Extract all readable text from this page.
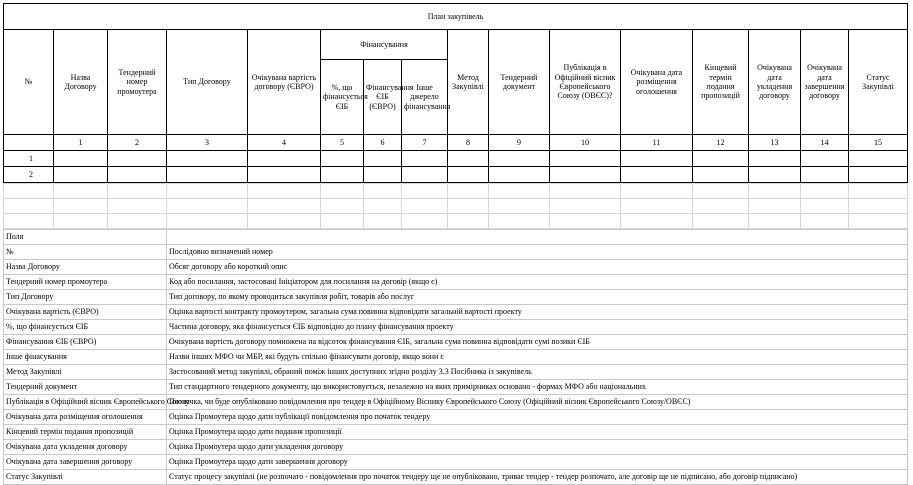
План закупівель															
№	Назва Договору	Тендерний номер промоутера	Тип Договору	Очікувана вартість договору (ЄВРО)	Фінансування			Метод Закупівлі	Тендерний документ	Публікація в Офіційний вісник Європейського Союзу (ОВЄС)?	Очікувана дата розміщення оголошення	Кінцевий термін подання пропозицій	Очікувана дата укладення договору	Очікувана дата завершення договору	Статус Закупівлі
					%, що фінансується ЄІБ	Фінансування ЄІБ (ЄВРО)	Інше джерело фінансування								
	1	2	3	4	5	6	7	8	9	10	11	12	13	14	15
1															
2															

Поля	
№	Послідовно визначений номер
Назва Договору	Обсяг договору або короткий опис
Тендерний номер промоутера	Код або посилання, застосовані Ініціатором для посилання на договір (якщо є)
Тип Договору	Тип договору, по якому проводиться закупівля робіт, товарів або послуг
Очікувана вартість (ЄВРО)	Оцінка вартості контракту промоутером, загальна сума повинна відповідати загальній вартості проекту
%, що фінансується ЄІБ	Частина договору, яка фінансується ЄІБ відповідно до плану фінансування проекту
Фінансування ЄІБ (ЄВРО)	Очікувана вартість договору помножена на відсоток фінансування ЄІБ, загальна сума повинна відповідати сумі позики ЄІБ
Інше фінасування	Назви інших МФО чи МБР, які будуть спільно фінансувати договір, якщо вони є
Метод Закупівлі	Застосований метод закупівлі, обраний поміж інших доступних згідно розділу 3.3 Посібника із закупівель
Тендерний документ	Тип стандартного тендерного документу, що використовується, незалежно на яких примірниках основано - формах МФО або національних
Публікація в Офіційний вісник Європейського Союзу	Позначка, чи буде опубліковано повідомлення про тендер в Офіційному Віснику Європейського Союзу (Офіційний вісник Європейського Союзу/ОВЄС)
Очікувана дата розміщення оголошення	Оцінка Промоутера щодо дати публікації повідомлення про початок тендеру
Кінцевий термін подання пропозицій	Оцінка Промоутера щодо дати подання пропозиції
Очікувана дата укладення договору	Оцінка Промоутера щодо дати укладення договору
Очікувана дата завершення договору	Оцінка Промоутера щодо дати завершення договору
Статус Закупівлі	Статус процесу закупівлі (не розпочато - повідомлення про початок тендеру ще не опубліковано, триває тендер - тендер розпочато, але договір ще не підписано, або договір підписано)
